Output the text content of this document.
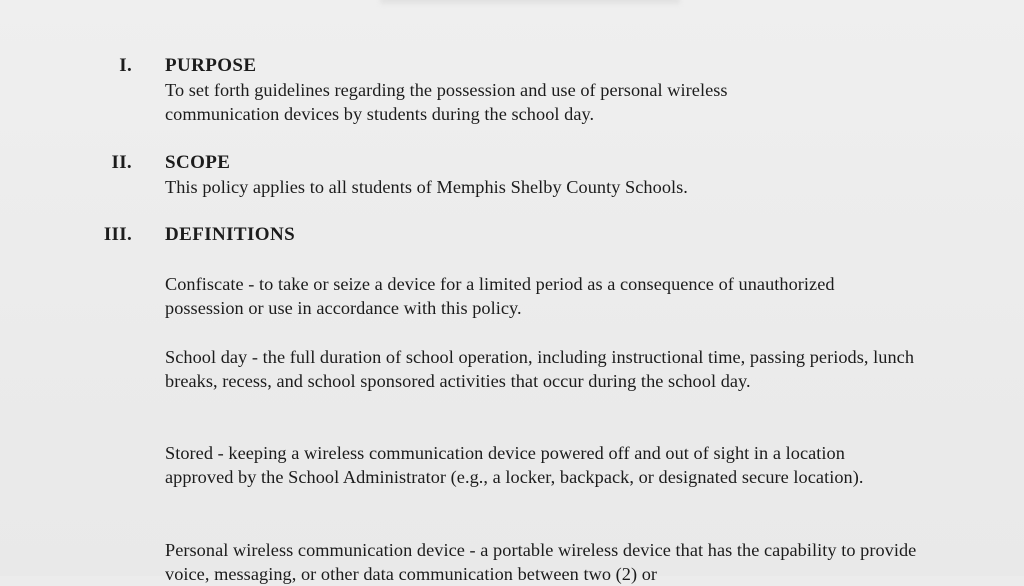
I. PURPOSE
To set forth guidelines regarding the possession and use of personal wireless communication devices by students during the school day.
II. SCOPE
This policy applies to all students of Memphis Shelby County Schools.
III. DEFINITIONS
Confiscate - to take or seize a device for a limited period as a consequence of unauthorized possession or use in accordance with this policy.
School day - the full duration of school operation, including instructional time, passing periods, lunch breaks, recess, and school sponsored activities that occur during the school day.
Stored - keeping a wireless communication device powered off and out of sight in a location approved by the School Administrator (e.g., a locker, backpack, or designated secure location).
Personal wireless communication device - a portable wireless device that has the capability to provide voice, messaging, or other data communication between two (2) or
